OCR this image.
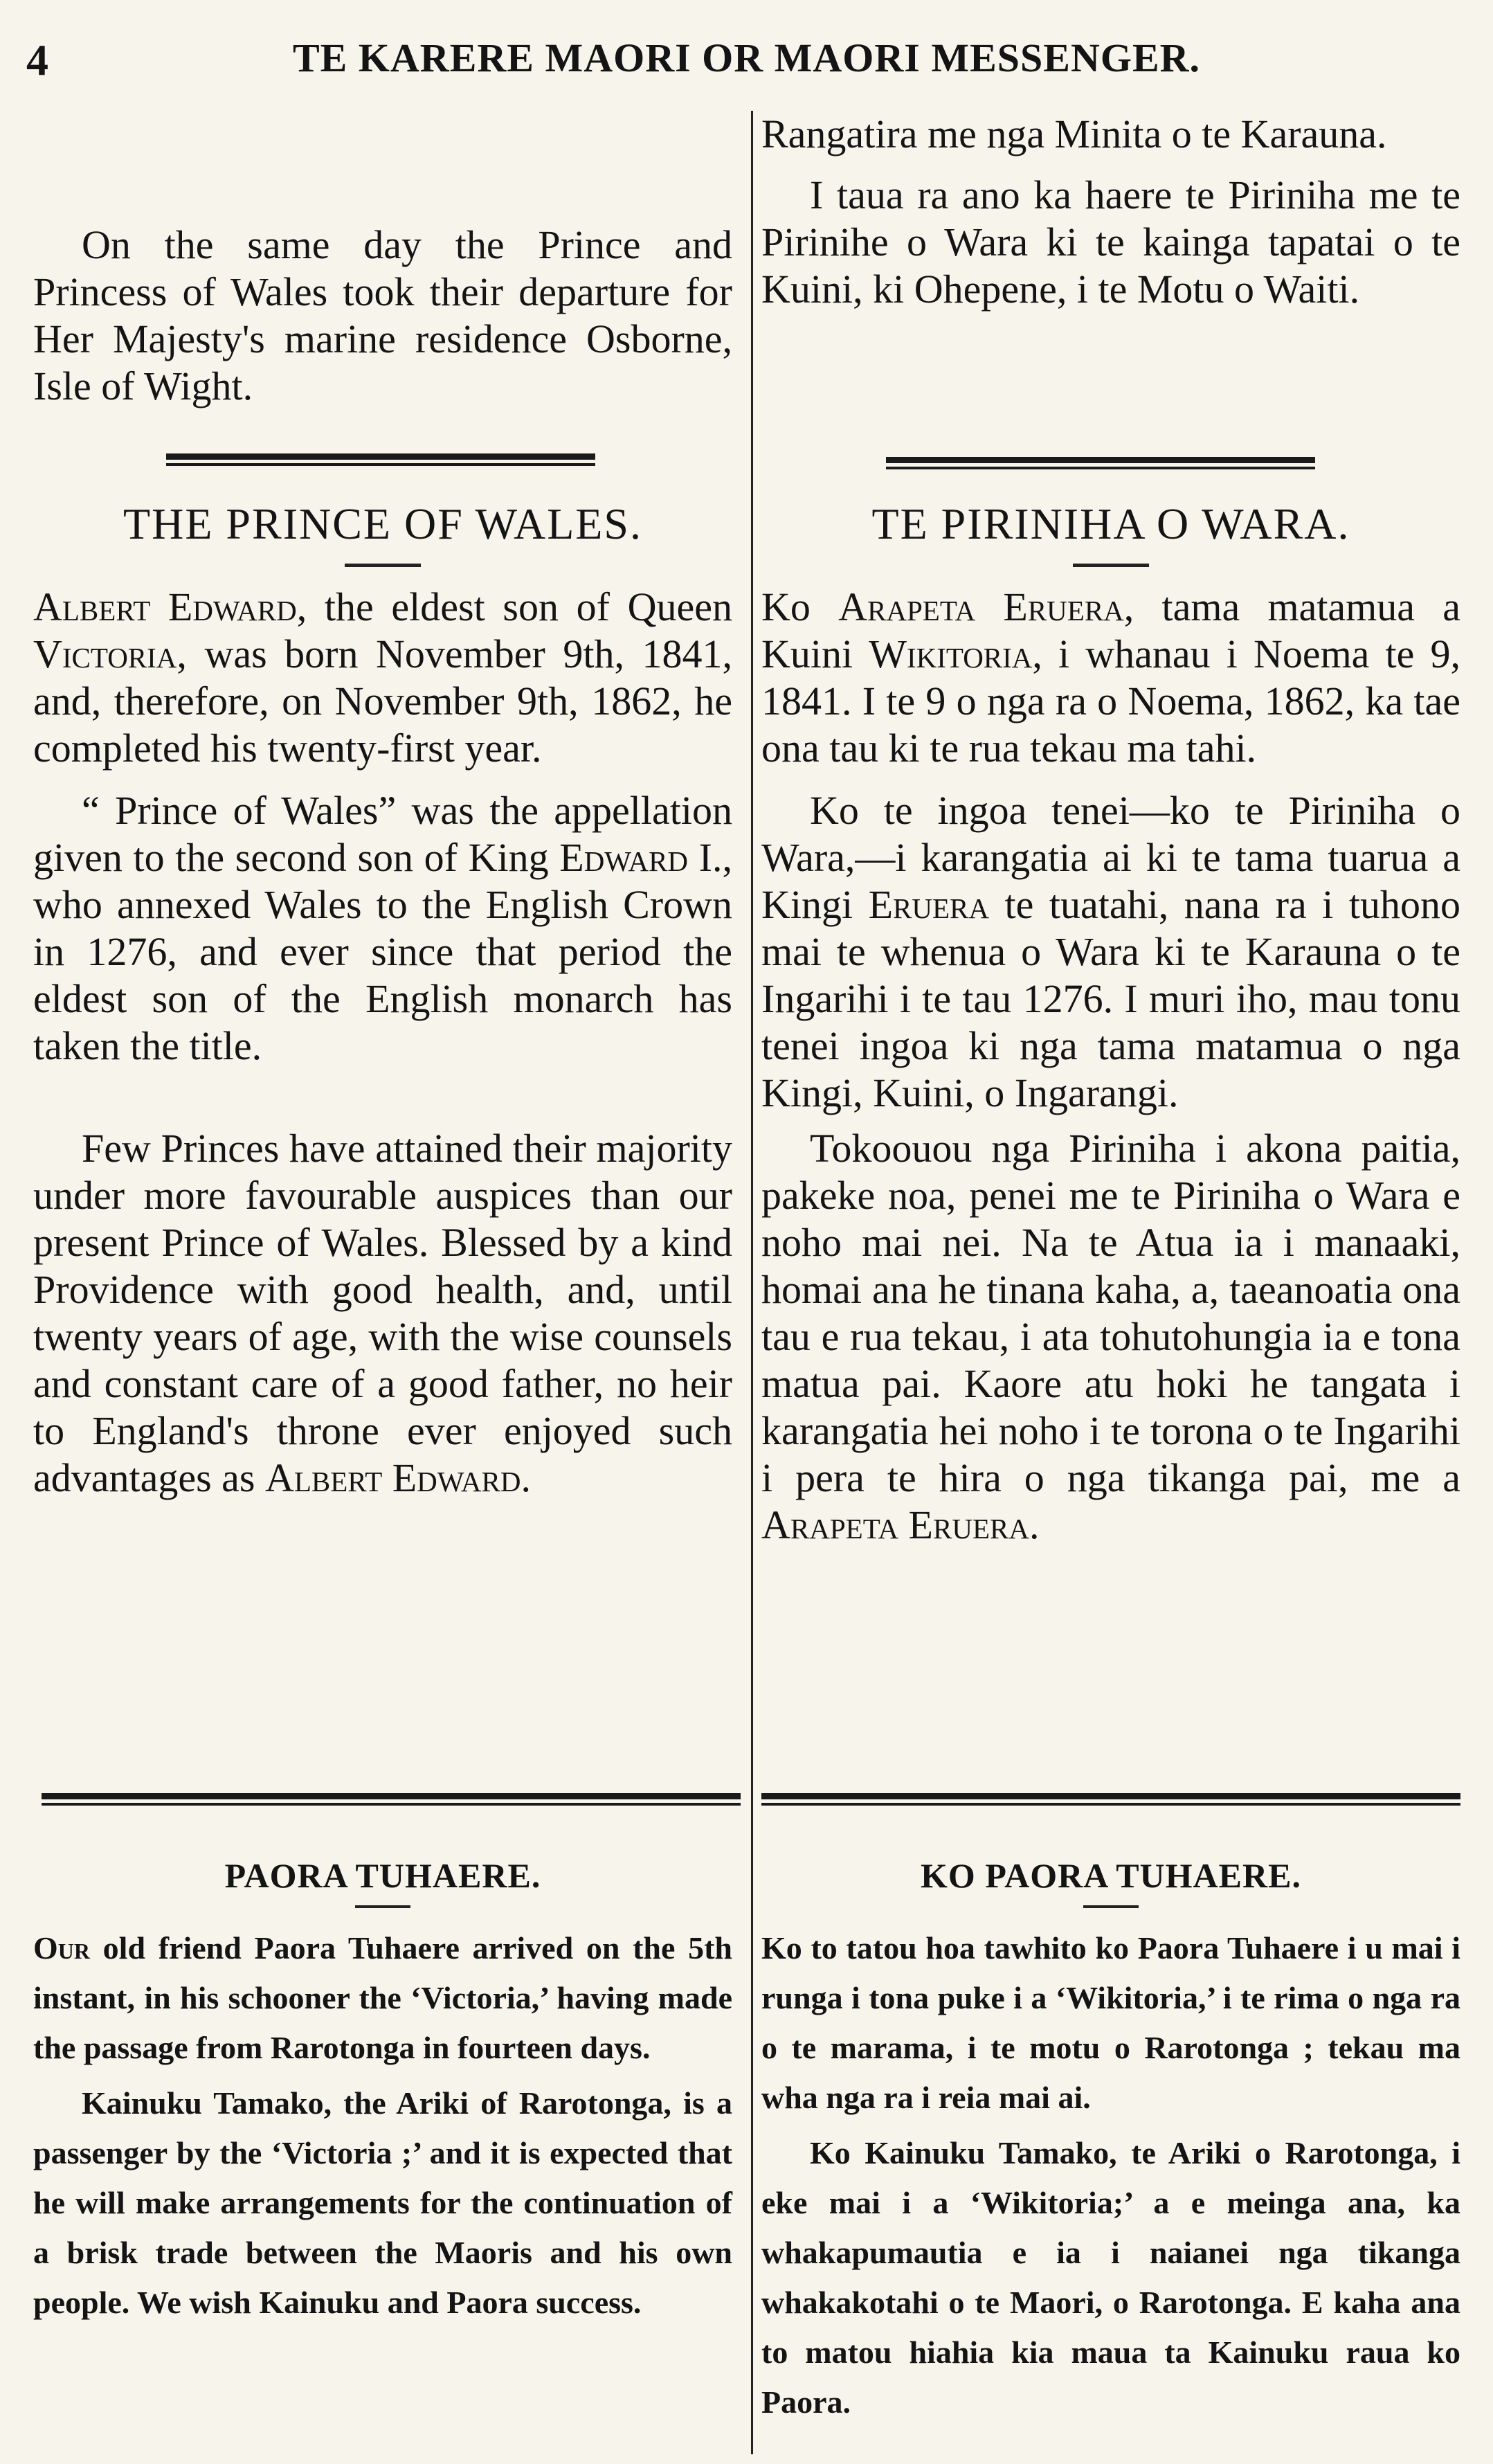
4	TE KARERE MAORI OR MAORI MESSENGER.

On the same day the Prince and Princess of Wales took their departure for Her Majesty's marine residence Osborne, Isle of Wight.

THE PRINCE OF WALES.

Albert Edward, the eldest son of Queen Victoria, was born November 9th, 1841, and, therefore, on November 9th, 1862, he completed his twenty-first year.

“ Prince of Wales” was the appellation given to the second son of King Edward I., who annexed Wales to the English Crown in 1276, and ever since that period the eldest son of the English monarch has taken the title.

Few Princes have attained their majority under more favourable auspices than our present Prince of Wales. Blessed by a kind Providence with good health, and, until twenty years of age, with the wise counsels and constant care of a good father, no heir to England's throne ever enjoyed such advantages as Albert Edward.

PAORA TUHAERE.

Our old friend Paora Tuhaere arrived on the 5th instant, in his schooner the ‘Victoria,’ having made the passage from Rarotonga in fourteen days.

Kainuku Tamako, the Ariki of Rarotonga, is a passenger by the ‘Victoria ;’ and it is expected that he will make arrangements for the continuation of a brisk trade between the Maoris and his own people. We wish Kainuku and Paora success.

Rangatira me nga Minita o te Karauna.

I taua ra ano ka haere te Piriniha me te Pirinihe o Wara ki te kainga tapatai o te Kuini, ki Ohepene, i te Motu o Waiti.

TE PIRINIHA O WARA.

Ko Arapeta Eruera, tama matamua a Kuini Wikitoria, i whanau i Noema te 9, 1841. I te 9 o nga ra o Noema, 1862, ka tae ona tau ki te rua tekau ma tahi.

Ko te ingoa tenei—ko te Piriniha o Wara,—i karangatia ai ki te tama tuarua a Kingi Eruera te tuatahi, nana ra i tuhono mai te whenua o Wara ki te Karauna o te Ingarihi i te tau 1276. I muri iho, mau tonu tenei ingoa ki nga tama matamua o nga Kingi, Kuini, o Ingarangi.

Tokoouou nga Piriniha i akona paitia, pakeke noa, penei me te Piriniha o Wara e noho mai nei. Na te Atua ia i manaaki, homai ana he tinana kaha, a, taeanoatia ona tau e rua tekau, i ata tohutohungia ia e tona matua pai. Kaore atu hoki he tangata i karangatia hei noho i te torona o te Ingarihi i pera te hira o nga tikanga pai, me a Arapeta Eruera.

KO PAORA TUHAERE.

Ko to tatou hoa tawhito ko Paora Tuhaere i u mai i runga i tona puke i a ‘Wikitoria,’ i te rima o nga ra o te marama, i te motu o Rarotonga ; tekau ma wha nga ra i reia mai ai.

Ko Kainuku Tamako, te Ariki o Rarotonga, i eke mai i a ‘Wikitoria;’ a e meinga ana, ka whakapumautia e ia i naianei nga tikanga whakakotahi o te Maori, o Rarotonga. E kaha ana to matou hiahia kia maua ta Kainuku raua ko Paora.
